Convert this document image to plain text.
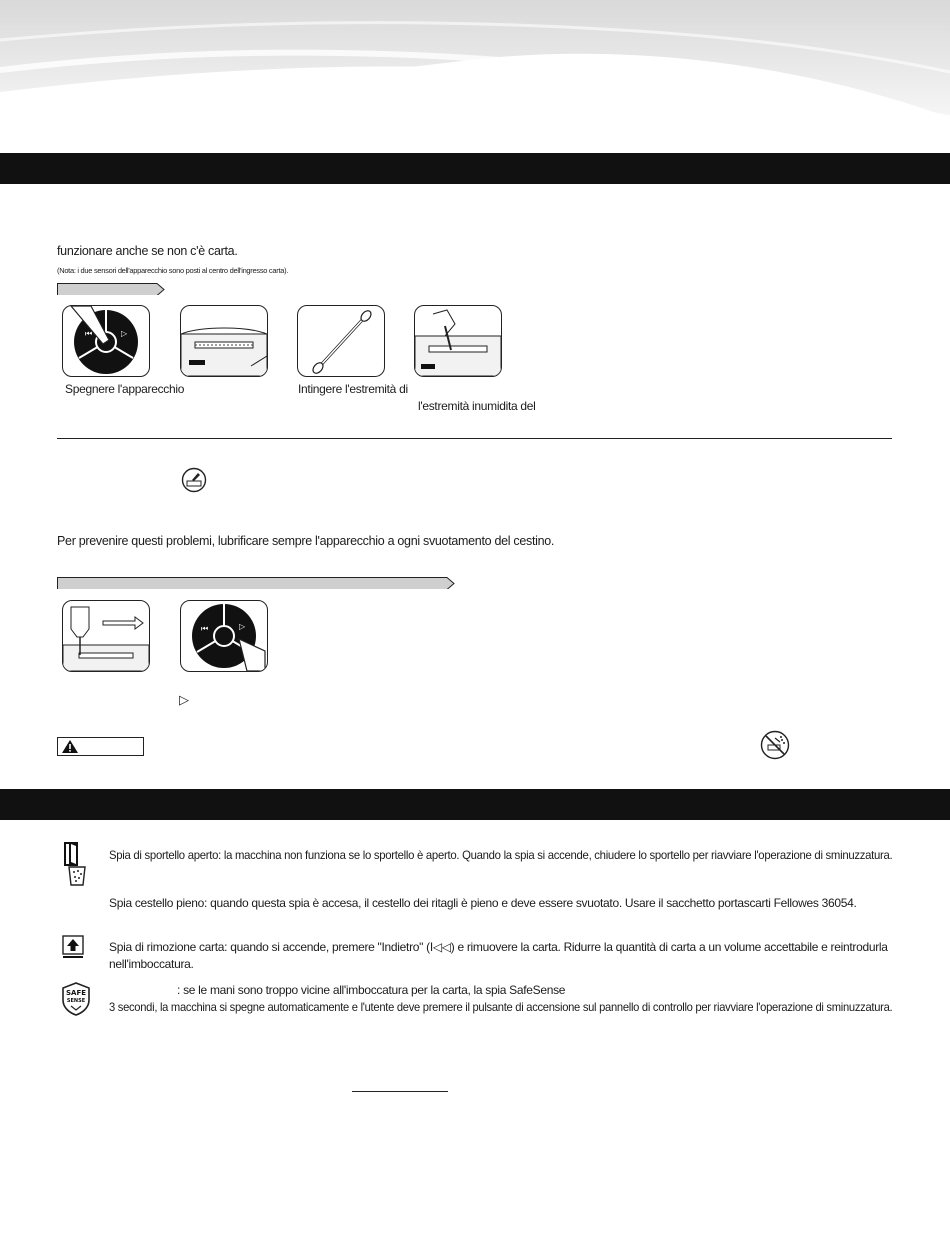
funzionare anche se non c'è carta.
(Nota: i due sensori dell'apparecchio sono posti al centro dell'ingresso carta).
⏮	▷
Spegnere l'apparecchio	Intingere l'estremità di
l'estremità inumidita del
Per prevenire questi problemi, lubrificare sempre l'apparecchio a ogni svuotamento del cestino.
⏮	▷
▷
Spia di sportello aperto: la macchina non funziona se lo sportello è aperto. Quando la spia si accende, chiudere lo sportello per riavviare l'operazione di sminuzzatura.
Spia cestello pieno: quando questa spia è accesa, il cestello dei ritagli è pieno e deve essere svuotato. Usare il sacchetto portascarti Fellowes 36054.
Spia di rimozione carta: quando si accende, premere "Indietro" (I◁◁) e rimuovere la carta. Ridurre la quantità di carta a un volume accettabile e reintrodurla
nell'imboccatura.
SAFE
SENSE
: se le mani sono troppo vicine all'imboccatura per la carta, la spia SafeSense
3 secondi, la macchina si spegne automaticamente e l'utente deve premere il pulsante di accensione sul pannello di controllo per riavviare l'operazione di sminuzzatura.
